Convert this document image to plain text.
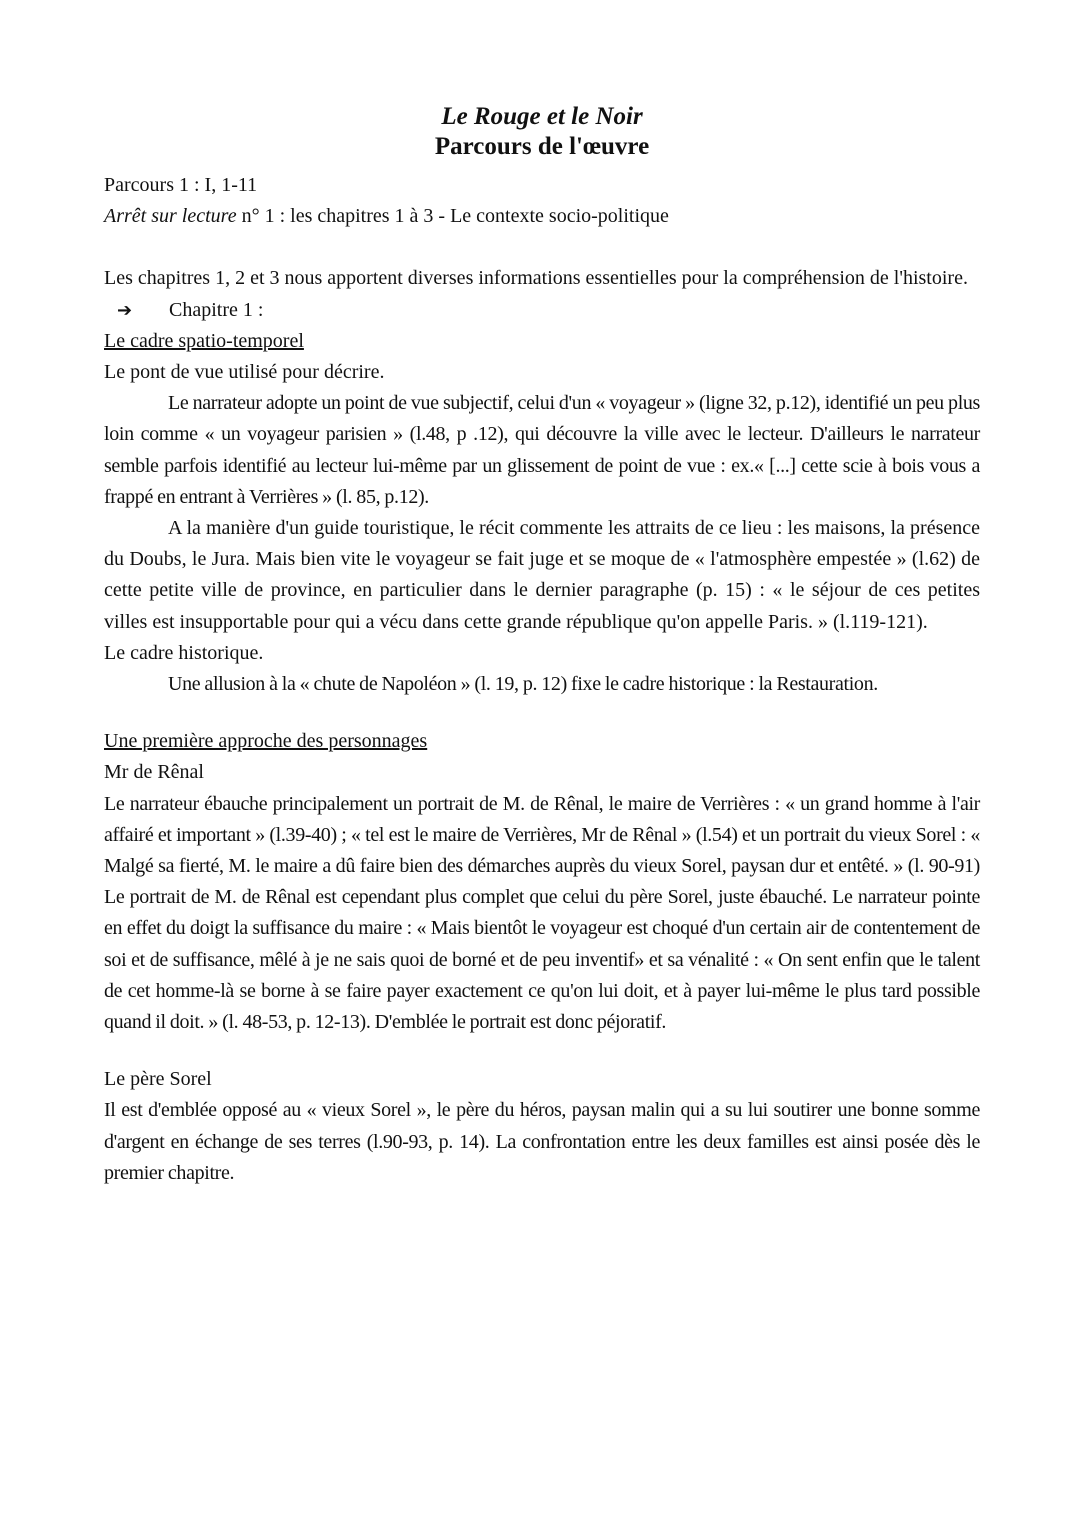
Le Rouge et le Noir

Parcours de l'œuvre

Parcours 1 : I, 1-11

Arrêt sur lecture n° 1 : les chapitres 1 à 3 - Le contexte socio-politique

Les chapitres 1, 2 et 3 nous apportent diverses informations essentielles pour la compréhension de l'histoire.

➔ Chapitre 1 :

Le cadre spatio-temporel

Le pont de vue utilisé pour décrire.

Le narrateur adopte un point de vue subjectif, celui d'un « voyageur » (ligne 32, p.12), identifié un peu plus loin comme « un voyageur parisien » (l.48, p .12), qui découvre la ville avec le lecteur. D'ailleurs le narrateur semble parfois identifié au lecteur lui-même par un glissement de point de vue : ex.« [...] cette scie à bois vous a frappé en entrant à Verrières » (l. 85, p.12).

A la manière d'un guide touristique, le récit commente les attraits de ce lieu : les maisons, la présence du Doubs, le Jura. Mais bien vite le voyageur se fait juge et se moque de « l'atmosphère empestée » (l.62) de cette petite ville de province, en particulier dans le dernier paragraphe (p. 15) : « le séjour de ces petites villes est insupportable pour qui a vécu dans cette grande république qu'on appelle Paris. » (l.119-121).

Le cadre historique.

Une allusion à la « chute de Napoléon » (l. 19, p. 12) fixe le cadre historique : la Restauration.

Une première approche des personnages

Mr de Rênal

Le narrateur ébauche principalement un portrait de M. de Rênal, le maire de Verrières : « un grand homme à l'air affairé et important » (l.39-40) ; « tel est le maire de Verrières, Mr de Rênal » (l.54) et un portrait du vieux Sorel : « Malgé sa fierté, M. le maire a dû faire bien des démarches auprès du vieux Sorel, paysan dur et entêté. » (l. 90-91) Le portrait de M. de Rênal est cependant plus complet que celui du père Sorel, juste ébauché. Le narrateur pointe en effet du doigt la suffisance du maire : « Mais bientôt le voyageur est choqué d'un certain air de contentement de soi et de suffisance, mêlé à je ne sais quoi de borné et de peu inventif» et sa vénalité : « On sent enfin que le talent de cet homme-là se borne à se faire payer exactement ce qu'on lui doit, et à payer lui-même le plus tard possible quand il doit. » (l. 48-53, p. 12-13). D'emblée le portrait est donc péjoratif.

Le père Sorel

Il est d'emblée opposé au « vieux Sorel », le père du héros, paysan malin qui a su lui soutirer une bonne somme d'argent en échange de ses terres (l.90-93, p. 14). La confrontation entre les deux familles est ainsi posée dès le premier chapitre.
